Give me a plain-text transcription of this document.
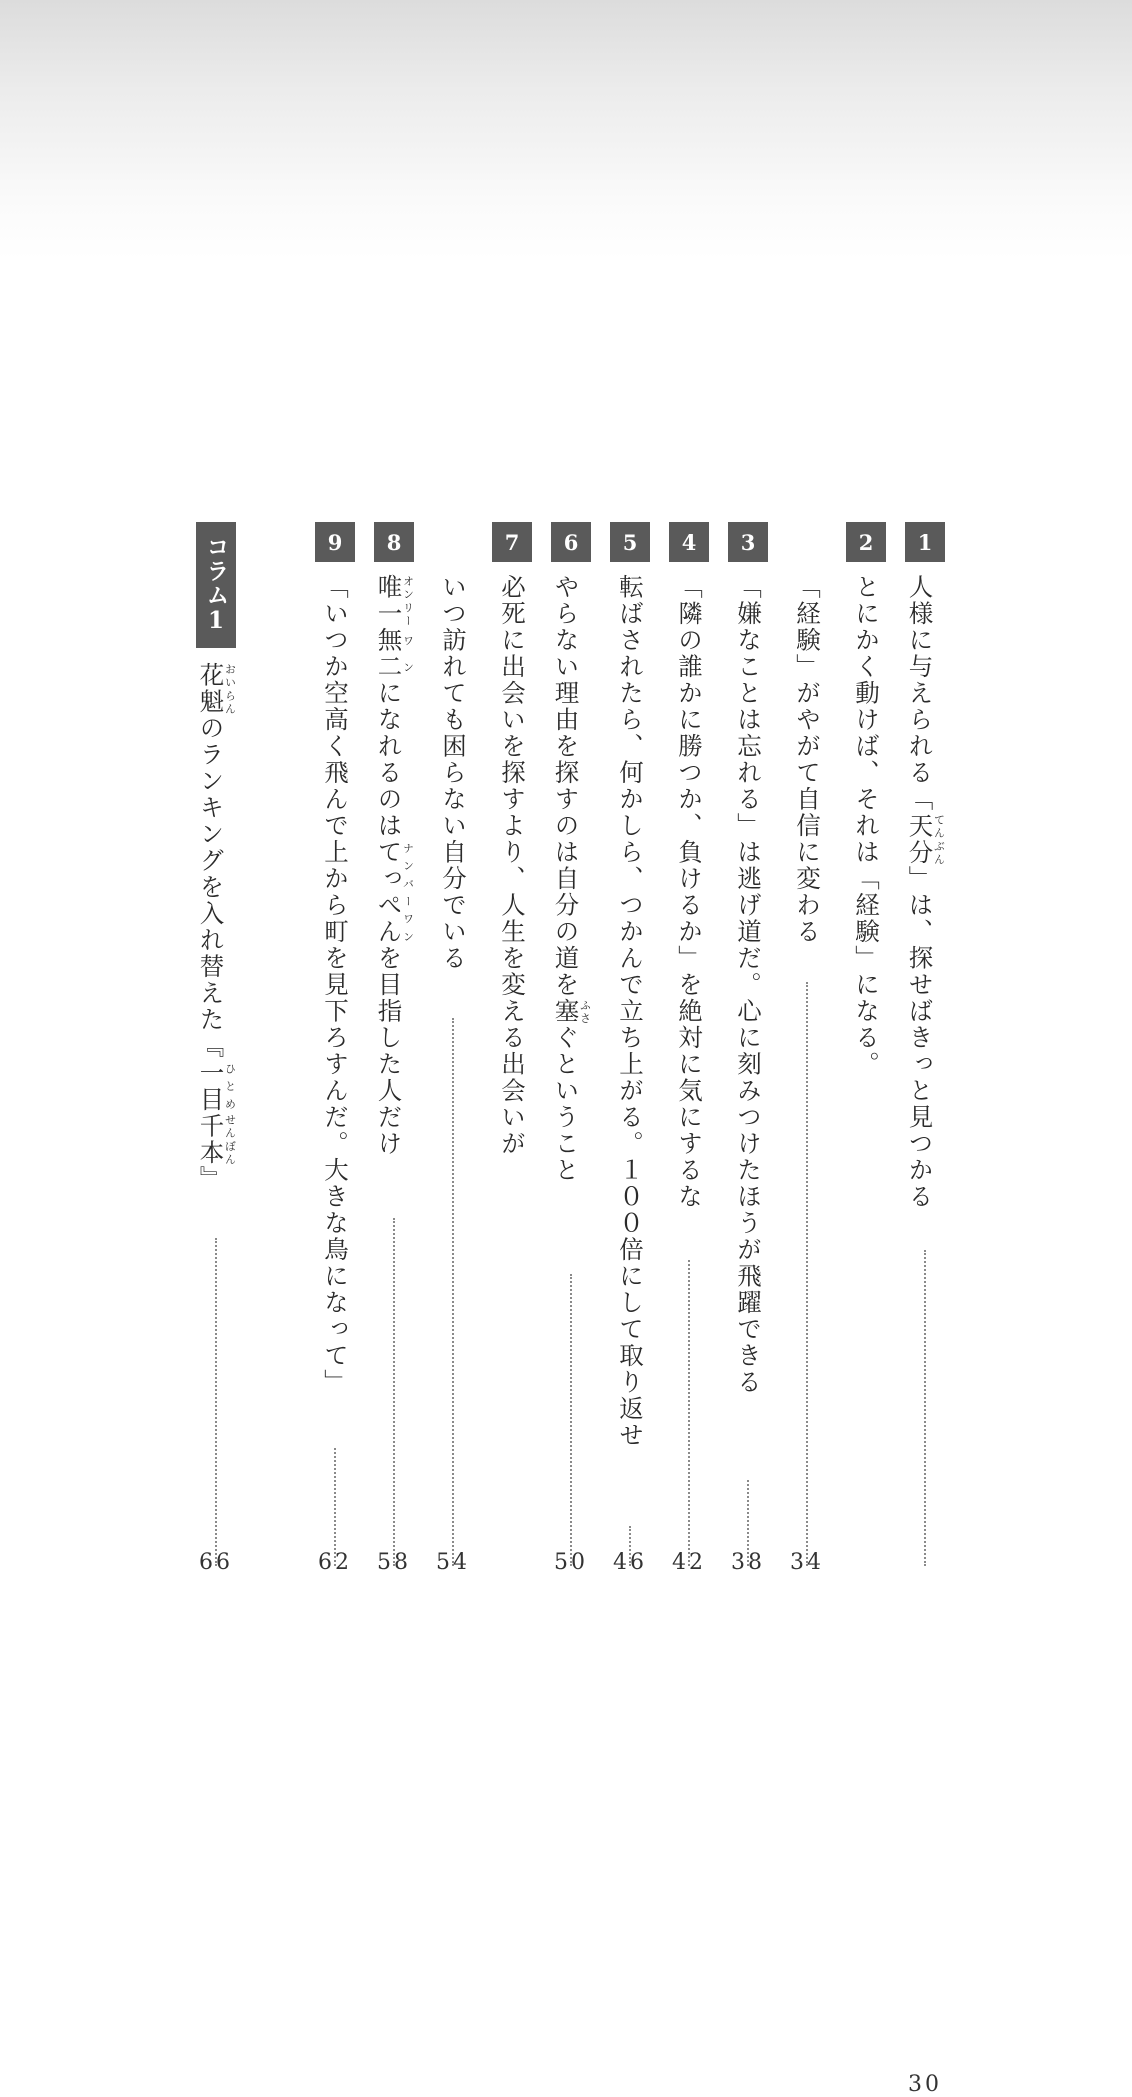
1
人様に与えられる「天分てんぶん」は、探せばきっと見つかる
30
2
とにかく動けば、それは「経験」になる。
「経験」がやがて自信に変わる
34
3
「嫌なことは忘れる」は逃げ道だ。心に刻みつけたほうが飛躍できる
38
4
「隣の誰かに勝つか、負けるか」を絶対に気にするな
42
5
転ばされたら、何かしら、つかんで立ち上がる。１００倍にして取り返せ
46
6
やらない理由を探すのは自分の道を塞ふさぐということ
50
7
必死に出会いを探すより、人生を変える出会いが
いつ訪れても困らない自分でいる
54
8
唯一オンリー無二ワンになれるのはてっぺんナンバーワンを目指した人だけ
58
9
「いつか空高く飛んで上から町を見下ろすんだ。大きな鳥になって」
62
コラム1
花魁おいらんのランキングを入れ替えた『一目ひとめ千本せんぼん』
66
